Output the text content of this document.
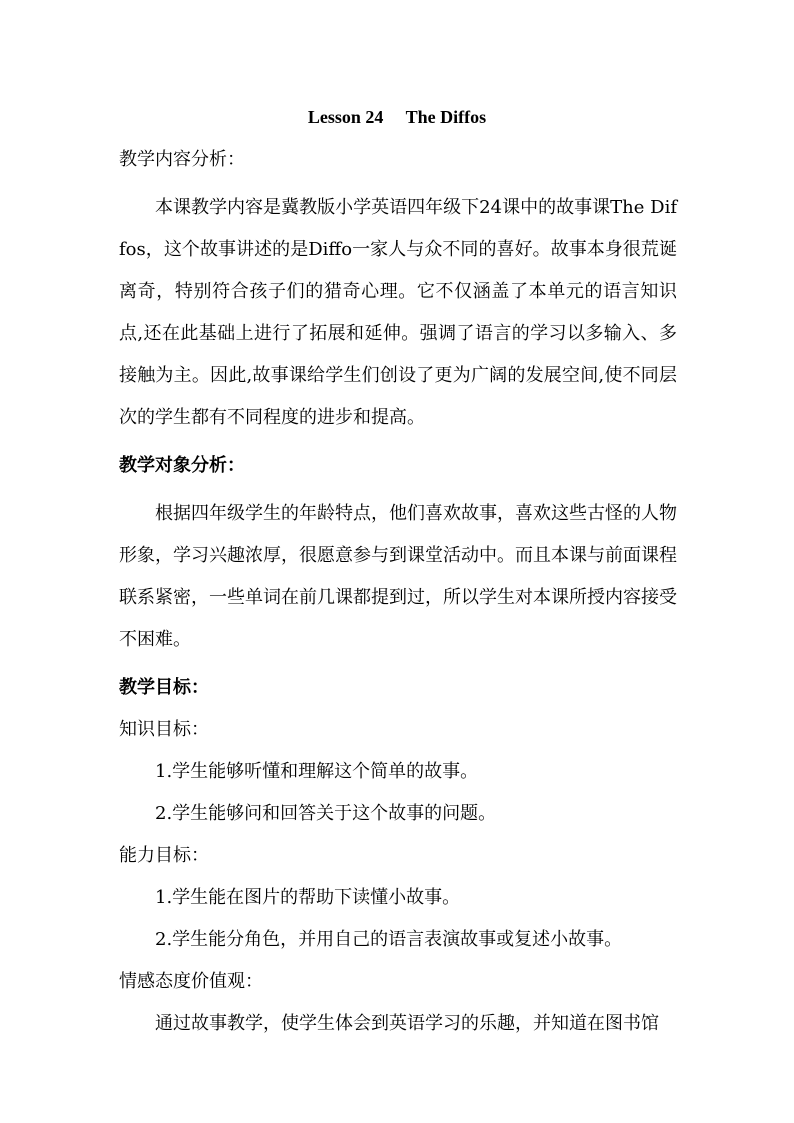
Lesson 24     The Diffos
教学内容分析：
本课教学内容是冀教版小学英语四年级下24课中的故事课The Diffos，这个故事讲述的是Diffo一家人与众不同的喜好。故事本身很荒诞离奇，特别符合孩子们的猎奇心理。它不仅涵盖了本单元的语言知识点,还在此基础上进行了拓展和延伸。强调了语言的学习以多输入、多接触为主。因此,故事课给学生们创设了更为广阔的发展空间,使不同层次的学生都有不同程度的进步和提高。
教学对象分析：
根据四年级学生的年龄特点，他们喜欢故事，喜欢这些古怪的人物形象，学习兴趣浓厚，很愿意参与到课堂活动中。而且本课与前面课程联系紧密，一些单词在前几课都提到过，所以学生对本课所授内容接受不困难。
教学目标：
知识目标：
1.学生能够听懂和理解这个简单的故事。
2.学生能够问和回答关于这个故事的问题。
能力目标：
1.学生能在图片的帮助下读懂小故事。
2.学生能分角色，并用自己的语言表演故事或复述小故事。
情感态度价值观：
通过故事教学，使学生体会到英语学习的乐趣，并知道在图书馆
